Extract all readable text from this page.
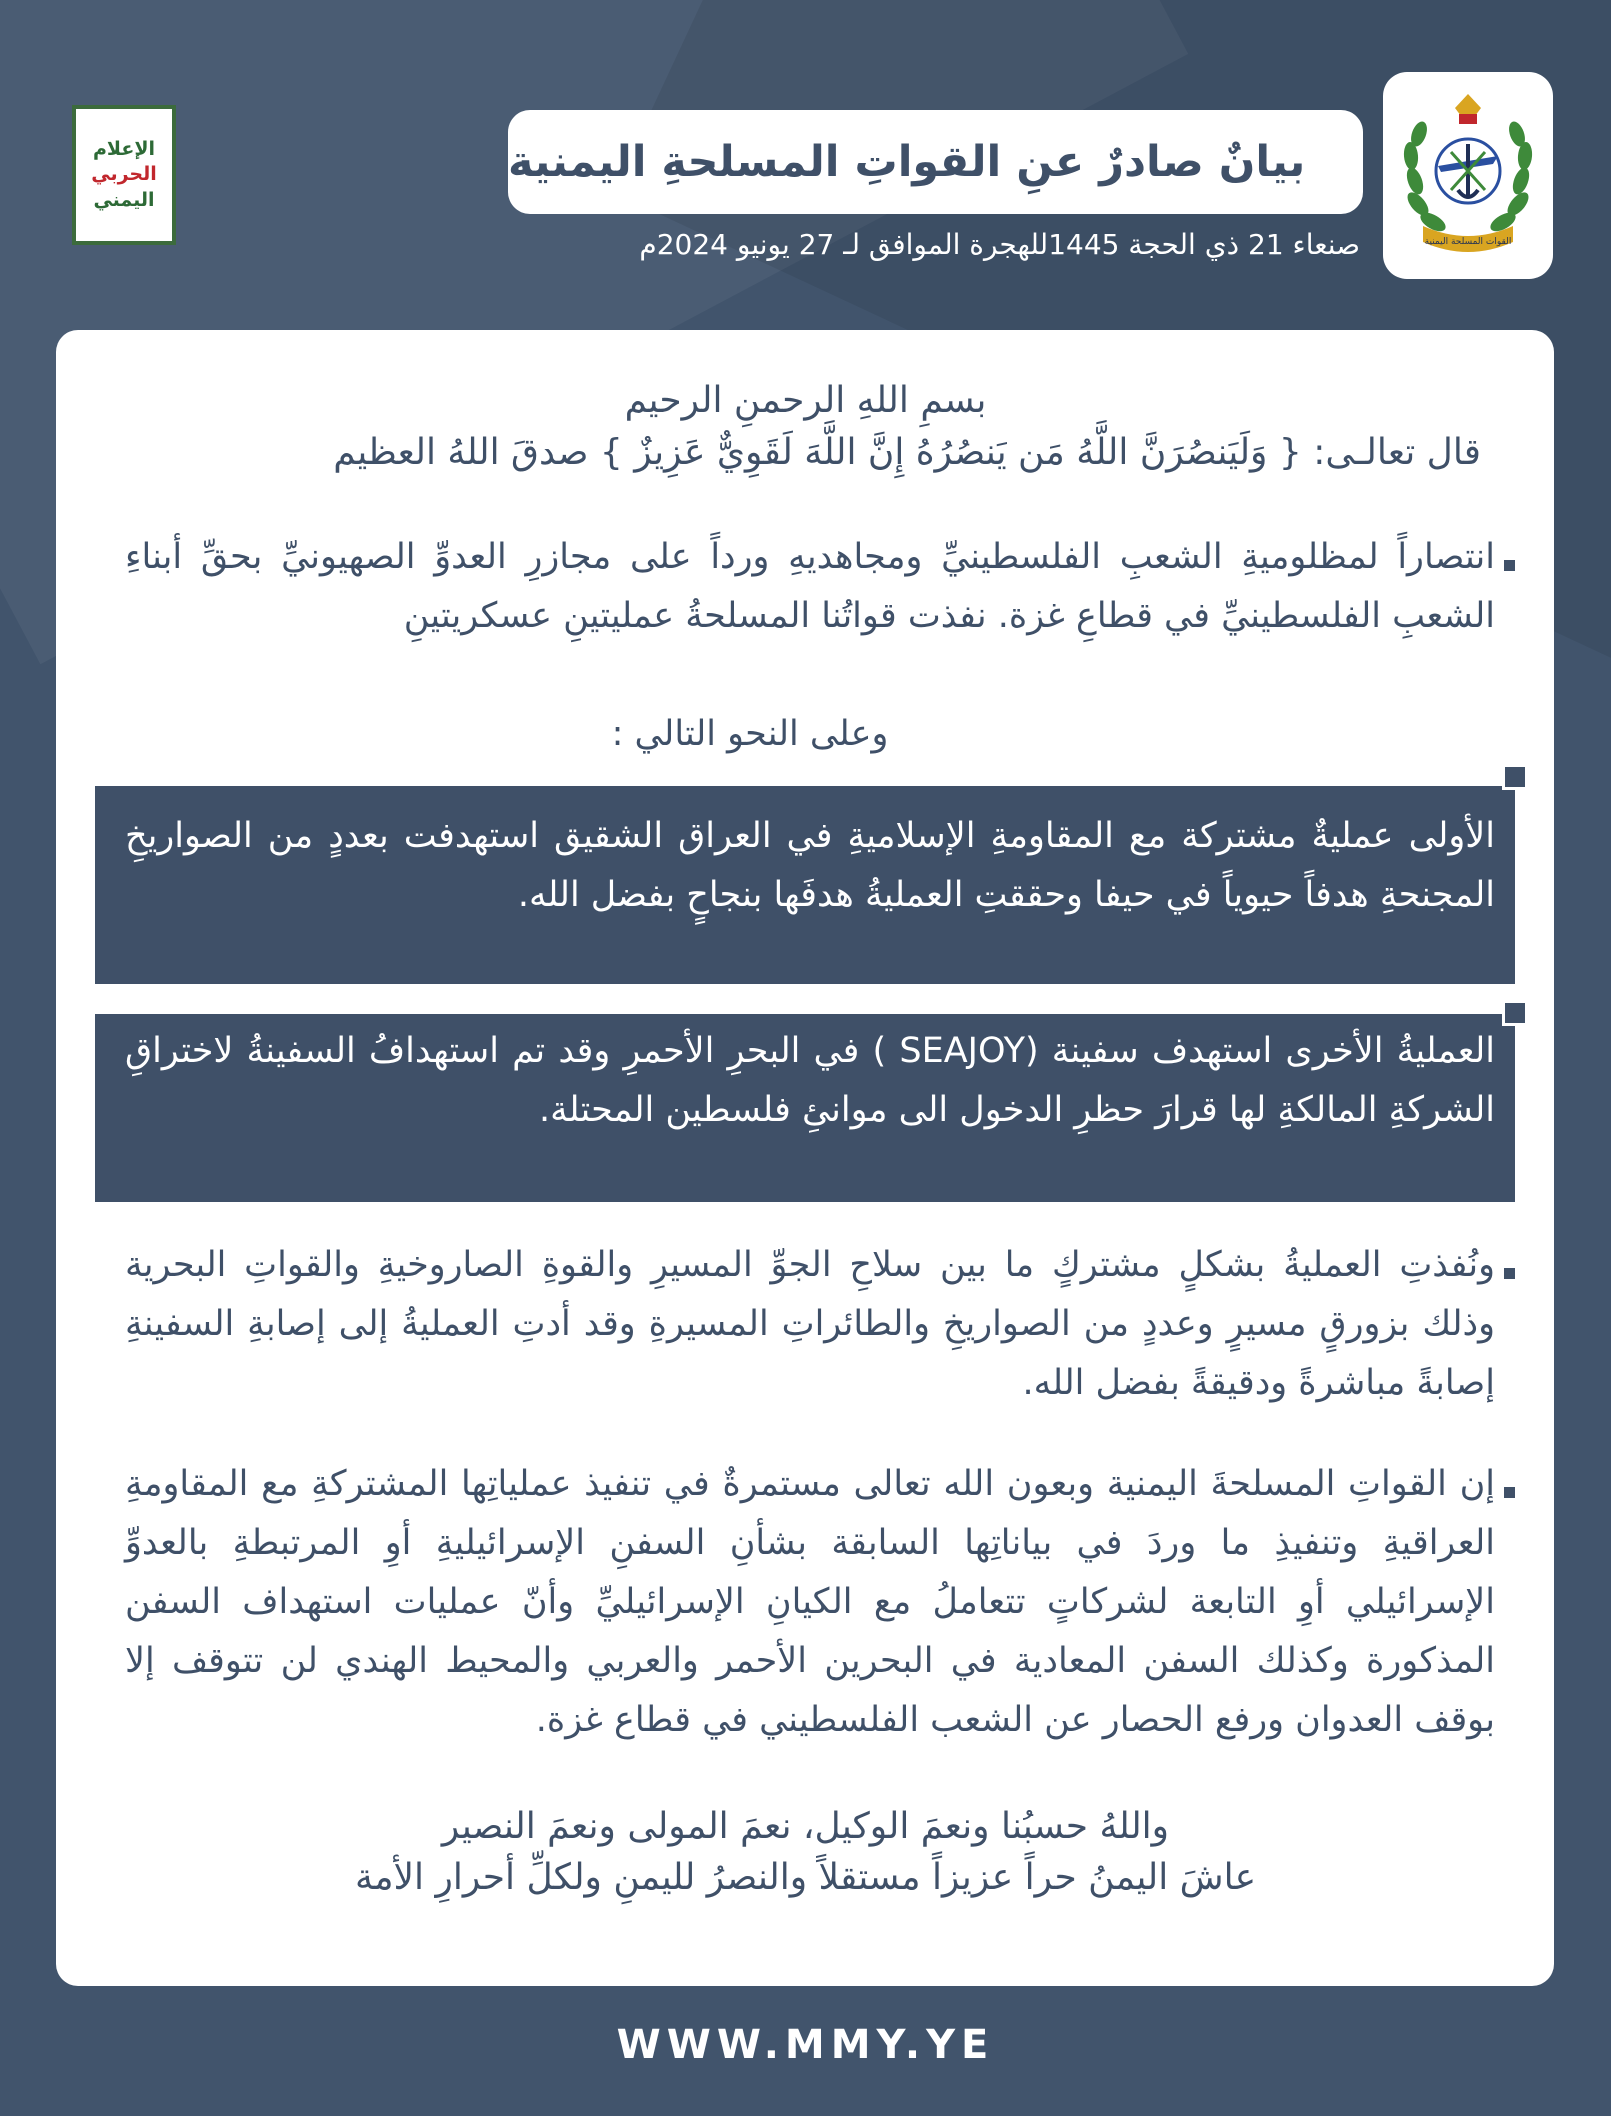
الإعلام
الحربي
اليمني
بيانٌ صادرٌ عنِ القواتِ المسلحةِ اليمنية
القوات المسلحة اليمنية
صنعاء 21 ذي الحجة 1445للهجرة الموافق لـ 27 يونيو 2024م
بسمِ اللهِ الرحمنِ الرحيم
قال تعالـى: { وَلَيَنصُرَنَّ اللَّهُ مَن يَنصُرُهُ إِنَّ اللَّهَ لَقَوِيٌّ عَزِيزٌ } صدقَ اللهُ العظيم

انتصاراً لمظلوميةِ الشعبِ الفلسطينيِّ ومجاهديهِ ورداً على مجازرِ العدوِّ الصهيونيِّ بحقِّ أبناءِ الشعبِ الفلسطينيِّ في قطاعِ غزة. نفذت قواتُنا المسلحةُ عمليتينِ عسكريتينِ

وعلى النحو التالي :

الأولى عمليةٌ مشتركة مع المقاومةِ الإسلاميةِ في العراق الشقيق استهدفت بعددٍ من الصواريخِ المجنحةِ هدفاً حيوياً في حيفا وحققتِ العمليةُ هدفَها بنجاحٍ بفضل الله.

العمليةُ الأخرى استهدف سفينة (SEAJOY ) في البحرِ الأحمرِ وقد تم استهدافُ السفينةُ لاختراقِ الشركةِ المالكةِ لها قرارَ حظرِ الدخول الى موانئِ فلسطين المحتلة.

ونُفذتِ العمليةُ بشكلٍ مشتركٍ ما بين سلاحِ الجوِّ المسيرِ والقوةِ الصاروخيةِ والقواتِ البحرية وذلك بزورقٍ مسيرٍ وعددٍ من الصواريخِ والطائراتِ المسيرةِ وقد أدتِ العمليةُ إلى إصابةِ السفينةِ إصابةً مباشرةً ودقيقةً بفضل الله.

إن القواتِ المسلحةَ اليمنية وبعون الله تعالى مستمرةٌ في تنفيذ عملياتِها المشتركةِ مع المقاومةِ العراقيةِ وتنفيذِ ما وردَ في بياناتِها السابقة بشأنِ السفنِ الإسرائيليةِ أوِ المرتبطةِ بالعدوِّ الإسرائيلي أوِ التابعة لشركاتٍ تتعاملُ مع الكيانِ الإسرائيليِّ وأنّ عمليات استهداف السفن المذكورة وكذلك السفن المعادية في البحرين الأحمر والعربي والمحيط الهندي لن تتوقف إلا بوقف العدوان ورفع الحصار عن الشعب الفلسطيني في قطاع غزة.

واللهُ حسبُنا ونعمَ الوكيل، نعمَ المولى ونعمَ النصير
عاشَ اليمنُ حراً عزيزاً مستقلاً والنصرُ لليمنِ ولكلِّ أحرارِ الأمة
WWW.MMY.YE
